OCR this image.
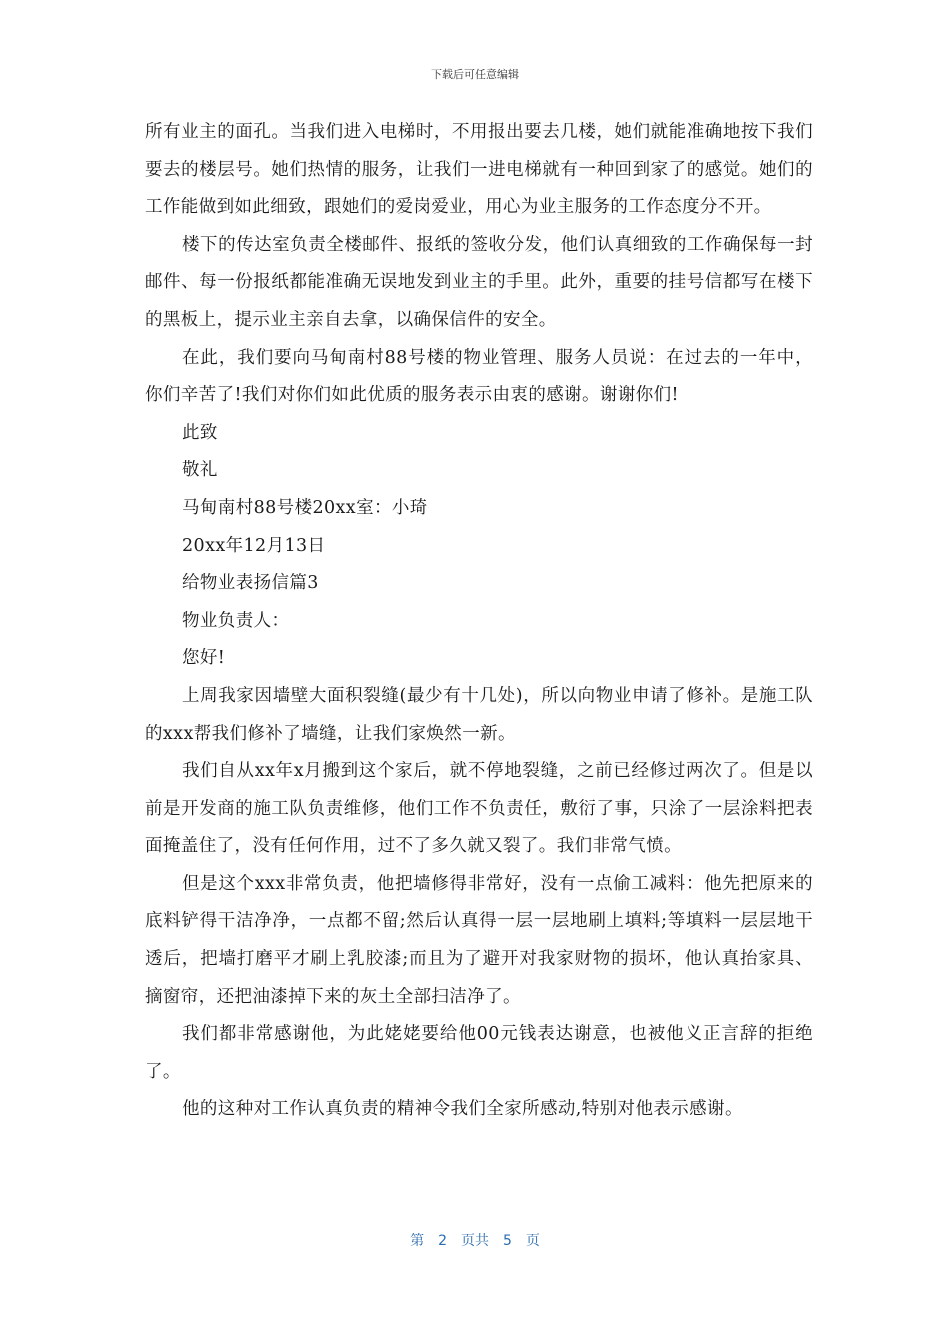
下载后可任意编辑

所有业主的面孔。当我们进入电梯时，不用报出要去几楼，她们就能准确地按下我们要去的楼层号。她们热情的服务，让我们一进电梯就有一种回到家了的感觉。她们的工作能做到如此细致，跟她们的爱岗爱业，用心为业主服务的工作态度分不开。

楼下的传达室负责全楼邮件、报纸的签收分发，他们认真细致的工作确保每一封邮件、每一份报纸都能准确无误地发到业主的手里。此外，重要的挂号信都写在楼下的黑板上，提示业主亲自去拿，以确保信件的安全。

在此，我们要向马甸南村88号楼的物业管理、服务人员说：在过去的一年中，你们辛苦了!我们对你们如此优质的服务表示由衷的感谢。谢谢你们!

此致

敬礼

马甸南村88号楼20xx室：小琦

20xx年12月13日

给物业表扬信篇3

物业负责人：

您好!

上周我家因墙壁大面积裂缝(最少有十几处)，所以向物业申请了修补。是施工队的xxx帮我们修补了墙缝，让我们家焕然一新。

我们自从xx年x月搬到这个家后，就不停地裂缝，之前已经修过两次了。但是以前是开发商的施工队负责维修，他们工作不负责任，敷衍了事，只涂了一层涂料把表面掩盖住了，没有任何作用，过不了多久就又裂了。我们非常气愤。

但是这个xxx非常负责，他把墙修得非常好，没有一点偷工减料：他先把原来的底料铲得干洁净净，一点都不留;然后认真得一层一层地刷上填料;等填料一层层地干透后，把墙打磨平才刷上乳胶漆;而且为了避开对我家财物的损坏，他认真抬家具、摘窗帘，还把油漆掉下来的灰土全部扫洁净了。

我们都非常感谢他，为此姥姥要给他00元钱表达谢意，也被他义正言辞的拒绝了。

他的这种对工作认真负责的精神令我们全家所感动,特别对他表示感谢。

第 2 页共 5 页
